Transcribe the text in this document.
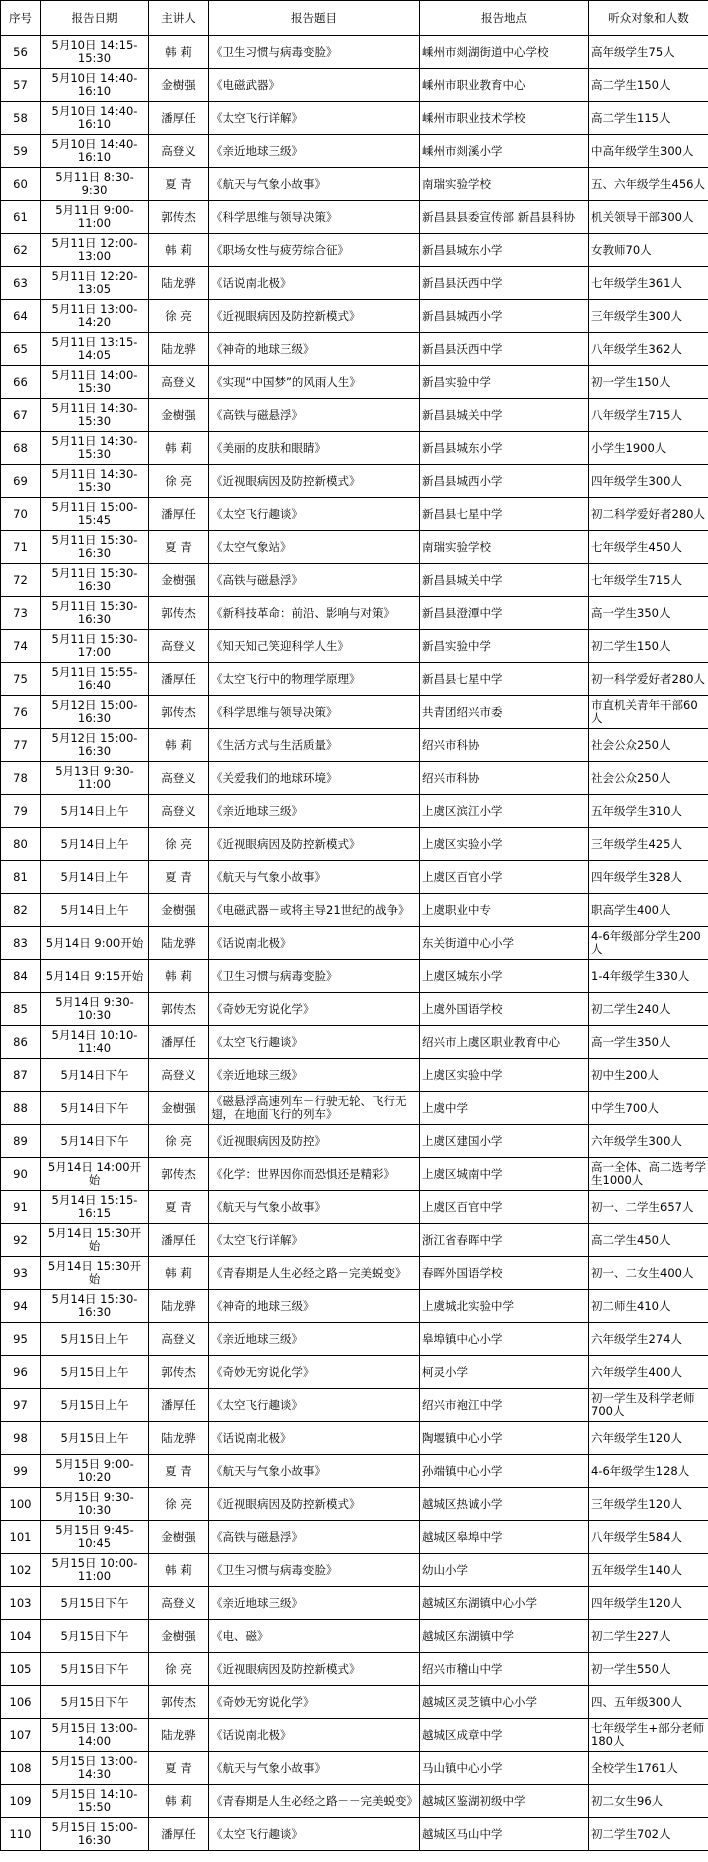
序号	报告日期	主讲人	报告题目	报告地点	听众对象和人数
56	5月10日 14:15-15:30	韩 莉	《卫生习惯与病毒变脸》	嵊州市剡湖街道中心学校	高年级学生75人
57	5月10日 14:40-16:10	金樹强	《电磁武器》	嵊州市职业教育中心	高二学生150人
58	5月10日 14:40-16:10	潘厚任	《太空飞行详解》	嵊州市职业技术学校	高二学生115人
59	5月10日 14:40-16:10	高登义	《亲近地球三级》	嵊州市剡溪小学	中高年级学生300人
60	5月11日 8:30-9:30	夏 青	《航天与气象小故事》	南瑞实验学校	五、六年级学生456人
61	5月11日 9:00-11:00	郭传杰	《科学思维与领导决策》	新昌县县委宣传部 新昌县科协	机关领导干部300人
62	5月11日 12:00-13:00	韩 莉	《职场女性与疲劳综合征》	新昌县城东小学	女教师70人
63	5月11日 12:20-13:05	陆龙骅	《话说南北极》	新昌县沃西中学	七年级学生361人
64	5月11日 13:00-14:20	徐 亮	《近视眼病因及防控新模式》	新昌县城西小学	三年级学生300人
65	5月11日 13:15-14:05	陆龙骅	《神奇的地球三级》	新昌县沃西中学	八年级学生362人
66	5月11日 14:00-15:30	高登义	《实现“中国梦”的风雨人生》	新昌实验中学	初一学生150人
67	5月11日 14:30-15:30	金樹强	《高铁与磁悬浮》	新昌县城关中学	八年级学生715人
68	5月11日 14:30-15:30	韩 莉	《美丽的皮肤和眼睛》	新昌县城东小学	小学生1900人
69	5月11日 14:30-15:30	徐 亮	《近视眼病因及防控新模式》	新昌县城西小学	四年级学生300人
70	5月11日 15:00-15:45	潘厚任	《太空飞行趣谈》	新昌县七星中学	初二科学爱好者280人
71	5月11日 15:30-16:30	夏 青	《太空气象站》	南瑞实验学校	七年级学生450人
72	5月11日 15:30-16:30	金樹强	《高铁与磁悬浮》	新昌县城关中学	七年级学生715人
73	5月11日 15:30-16:30	郭传杰	《新科技革命：前沿、影响与对策》	新昌县澄潭中学	高一学生350人
74	5月11日 15:30-17:00	高登义	《知天知己笑迎科学人生》	新昌实验中学	初二学生150人
75	5月11日 15:55-16:40	潘厚任	《太空飞行中的物理学原理》	新昌县七星中学	初一科学爱好者280人
76	5月12日 15:00-16:30	郭传杰	《科学思维与领导决策》	共青团绍兴市委	市直机关青年干部60人
77	5月12日 15:00-16:30	韩 莉	《生活方式与生活质量》	绍兴市科协	社会公众250人
78	5月13日 9:30-11:00	高登义	《关爱我们的地球环境》	绍兴市科协	社会公众250人
79	5月14日上午	高登义	《亲近地球三级》	上虞区滨江小学	五年级学生310人
80	5月14日上午	徐 亮	《近视眼病因及防控新模式》	上虞区实验小学	三年级学生425人
81	5月14日上午	夏 青	《航天与气象小故事》	上虞区百官小学	四年级学生328人
82	5月14日上午	金樹强	《电磁武器－或将主导21世纪的战争》	上虞职业中专	职高学生400人
83	5月14日 9:00开始	陆龙骅	《话说南北极》	东关街道中心小学	4-6年级部分学生200人
84	5月14日 9:15开始	韩 莉	《卫生习惯与病毒变脸》	上虞区城东小学	1-4年级学生330人
85	5月14日 9:30-10:30	郭传杰	《奇妙无穷说化学》	上虞外国语学校	初二学生240人
86	5月14日 10:10-11:40	潘厚任	《太空飞行趣谈》	绍兴市上虞区职业教育中心	高一学生350人
87	5月14日下午	高登义	《亲近地球三级》	上虞区实验中学	初中生200人
88	5月14日下午	金樹强	《磁悬浮高速列车－行驶无轮、飞行无翅，在地面飞行的列车》	上虞中学	中学生700人
89	5月14日下午	徐 亮	《近视眼病因及防控》	上虞区建国小学	六年级学生300人
90	5月14日 14:00开始	郭传杰	《化学：世界因你而恐惧还是精彩》	上虞区城南中学	高一全体、高二选考学生1000人
91	5月14日 15:15-16:15	夏 青	《航天与气象小故事》	上虞区百官中学	初一、二学生657人
92	5月14日 15:30开始	潘厚任	《太空飞行详解》	浙江省春晖中学	高二学生450人
93	5月14日 15:30开始	韩 莉	《青春期是人生必经之路－完美蜕变》	春晖外国语学校	初一、二女生400人
94	5月14日 15:30-16:30	陆龙骅	《神奇的地球三级》	上虞城北实验中学	初二师生410人
95	5月15日上午	高登义	《亲近地球三级》	皋埠镇中心小学	六年级学生274人
96	5月15日上午	郭传杰	《奇妙无穷说化学》	柯灵小学	六年级学生400人
97	5月15日上午	潘厚任	《太空飞行趣谈》	绍兴市袍江中学	初一学生及科学老师700人
98	5月15日上午	陆龙骅	《话说南北极》	陶堰镇中心小学	六年级学生120人
99	5月15日 9:00-10:20	夏 青	《航天与气象小故事》	孙端镇中心小学	4-6年级学生128人
100	5月15日 9:30-10:30	徐 亮	《近视眼病因及防控新模式》	越城区热诚小学	三年级学生120人
101	5月15日 9:45-10:45	金樹强	《高铁与磁悬浮》	越城区皋埠中学	八年级学生584人
102	5月15日 10:00-11:00	韩 莉	《卫生习惯与病毒变脸》	幼山小学	五年级学生140人
103	5月15日下午	高登义	《亲近地球三级》	越城区东湖镇中心小学	四年级学生120人
104	5月15日下午	金樹强	《电、磁》	越城区东湖镇中学	初二学生227人
105	5月15日下午	徐 亮	《近视眼病因及防控新模式》	绍兴市稽山中学	初一学生550人
106	5月15日下午	郭传杰	《奇妙无穷说化学》	越城区灵芝镇中心小学	四、五年级300人
107	5月15日 13:00-14:00	陆龙骅	《话说南北极》	越城区成章中学	七年级学生+部分老师180人
108	5月15日 13:00-14:30	夏 青	《航天与气象小故事》	马山镇中心小学	全校学生1761人
109	5月15日 14:10-15:50	韩 莉	《青春期是人生必经之路－－完美蜕变》	越城区鉴湖初级中学	初二女生96人
110	5月15日 15:00-16:30	潘厚任	《太空飞行趣谈》	越城区马山中学	初二学生702人
